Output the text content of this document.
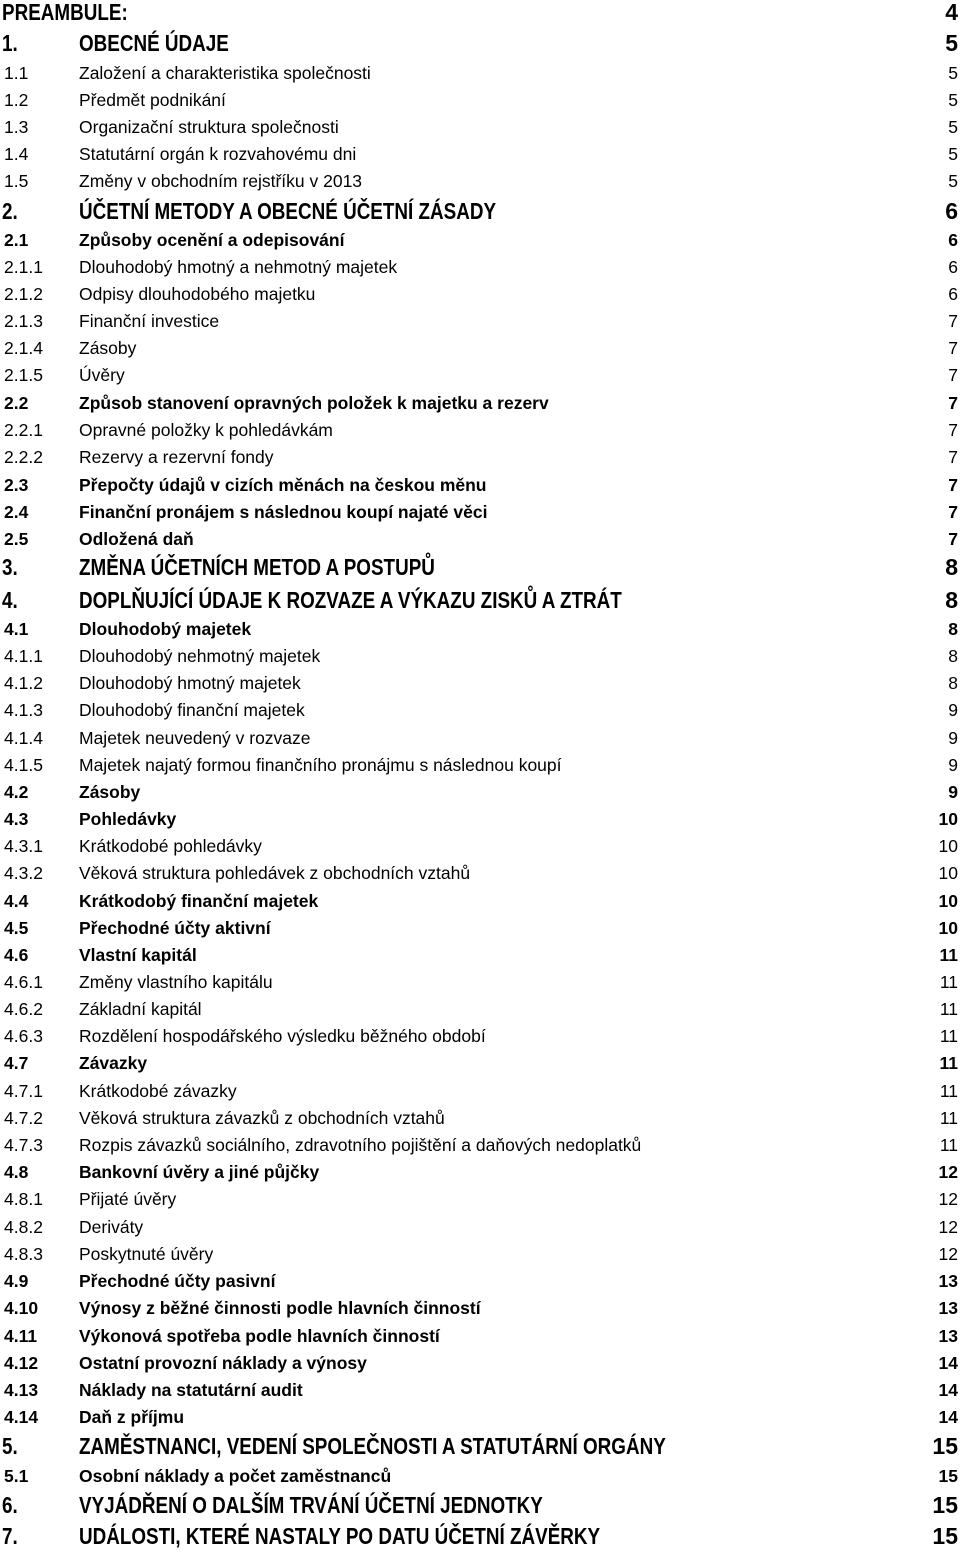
PREAMBULE:	4
1.	OBECNÉ ÚDAJE	5
1.1	Založení a charakteristika společnosti	5
1.2	Předmět podnikání	5
1.3	Organizační struktura společnosti	5
1.4	Statutární orgán k rozvahovému dni	5
1.5	Změny v obchodním rejstříku v 2013	5
2.	ÚČETNÍ METODY A OBECNÉ ÚČETNÍ ZÁSADY	6
2.1	Způsoby ocenění a odepisování	6
2.1.1 Dlouhodobý hmotný a nehmotný majetek	6
2.1.2 Odpisy dlouhodobého majetku	6
2.1.3 Finanční investice	7
2.1.4 Zásoby	7
2.1.5 Úvěry	7
2.2	Způsob stanovení opravných položek k majetku a rezerv	7
2.2.1 Opravné položky k pohledávkám	7
2.2.2 Rezervy a rezervní fondy	7
2.3	Přepočty údajů v cizích měnách na českou měnu	7
2.4	Finanční pronájem s následnou koupí najaté věci	7
2.5	Odložená daň	7
3.	ZMĚNA ÚČETNÍCH METOD A POSTUPŮ	8
4.	DOPLŇUJÍCÍ ÚDAJE K ROZVAZE A VÝKAZU ZISKŮ A ZTRÁT	8
4.1	Dlouhodobý majetek	8
4.1.1 Dlouhodobý nehmotný majetek	8
4.1.2 Dlouhodobý hmotný majetek	8
4.1.3 Dlouhodobý finanční majetek	9
4.1.4 Majetek neuvedený v rozvaze	9
4.1.5 Majetek najatý formou finančního pronájmu s následnou koupí	9
4.2	Zásoby	9
4.3	Pohledávky	10
4.3.1 Krátkodobé pohledávky	10
4.3.2 Věková struktura pohledávek z obchodních vztahů	10
4.4	Krátkodobý finanční majetek	10
4.5	Přechodné účty aktivní	10
4.6	Vlastní kapitál	11
4.6.1 Změny vlastního kapitálu	11
4.6.2 Základní kapitál	11
4.6.3 Rozdělení hospodářského výsledku běžného období	11
4.7	Závazky	11
4.7.1 Krátkodobé závazky	11
4.7.2 Věková struktura závazků z obchodních vztahů	11
4.7.3 Rozpis závazků sociálního, zdravotního pojištění a daňových nedoplatků	11
4.8	Bankovní úvěry a jiné půjčky	12
4.8.1 Přijaté úvěry	12
4.8.2 Deriváty	12
4.8.3 Poskytnuté úvěry	12
4.9	Přechodné účty pasivní	13
4.10 Výnosy z běžné činnosti podle hlavních činností	13
4.11 Výkonová spotřeba podle hlavních činností	13
4.12 Ostatní provozní náklady a výnosy	14
4.13 Náklady na statutární audit	14
4.14 Daň z příjmu	14
5.	ZAMĚSTNANCI, VEDENÍ SPOLEČNOSTI A STATUTÁRNÍ ORGÁNY	15
5.1	Osobní náklady a počet zaměstnanců	15
6.	VYJÁDŘENÍ O DALŠÍM TRVÁNÍ ÚČETNÍ JEDNOTKY	15
7.	UDÁLOSTI, KTERÉ NASTALY PO DATU ÚČETNÍ ZÁVĚRKY	15
